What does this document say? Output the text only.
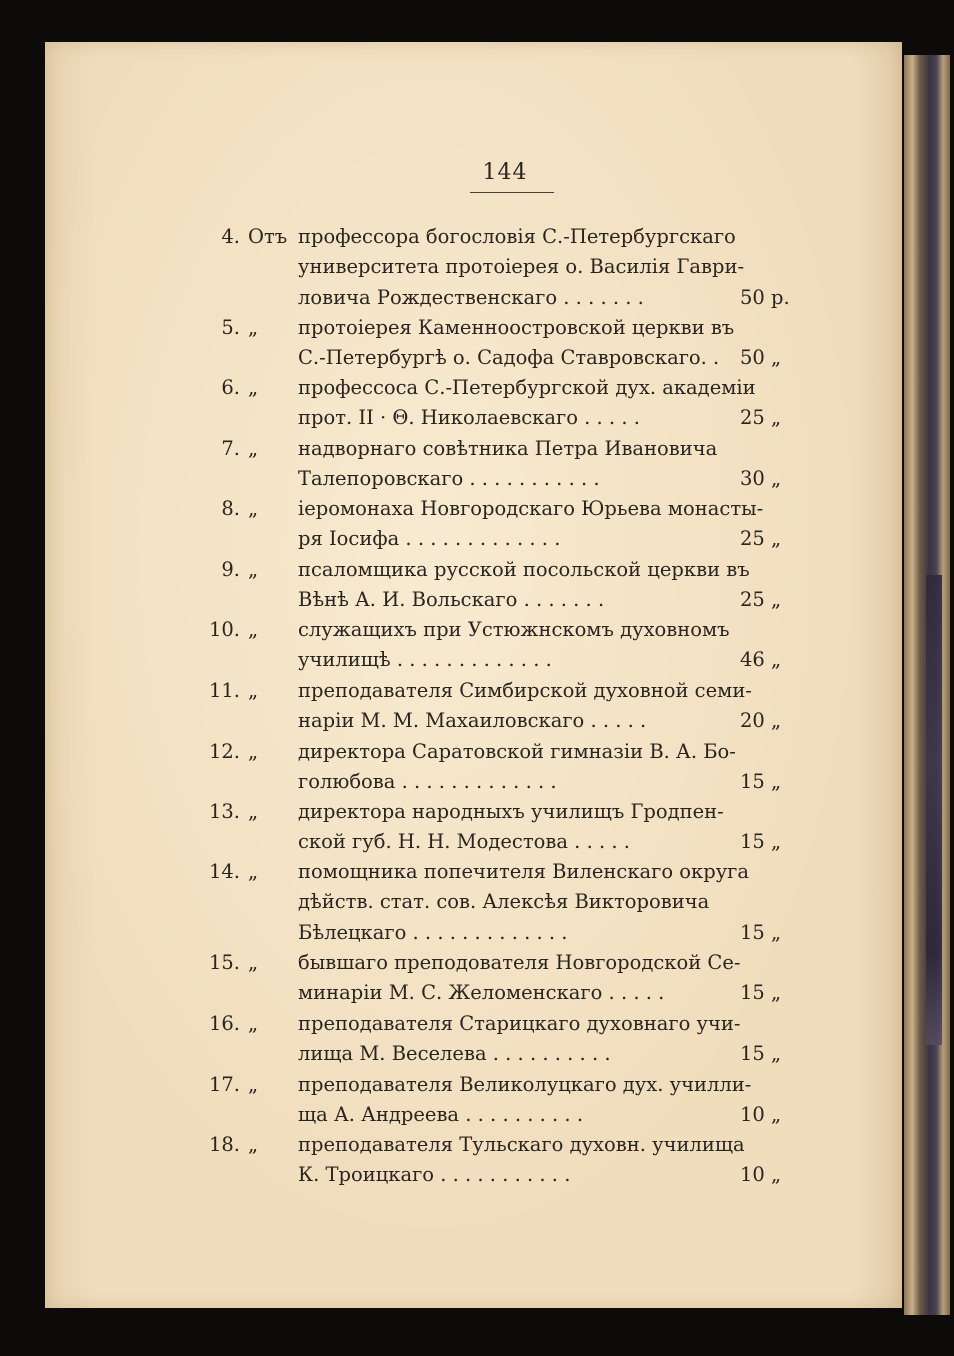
144
4. Отъ профессора богословія С.-Петербургскаго
университета протоіерея о. Василія Гаври-
ловича Рождественскаго . . . . . . .	50 р.
5. „	протоіерея Каменноостровской церкви въ
С.-Петербургѣ о. Садофа Ставровскаго. . 50 „
6. „	профессоса С.-Петербургской дух. академіи
прот. II · Θ. Николаевскаго . . . . .	25 „
7. „	надворнаго совѣтника Петра Ивановича
Талепоровскаго . . . . . . . . . . .	30 „
8. „	іеромонаха Новгородскаго Юрьева монасты-
ря Іосифа . . . . . . . . . . . . .	25 „
9. „	псаломщика русской посольской церкви въ
Вѣнѣ А. И. Вольскаго . . . . . . .	25 „
10. „	служащихъ при Устюжнскомъ духовномъ
училищѣ . . . . . . . . . . . . .	46 „
11. „	преподавателя Симбирской духовной семи-
наріи М. М. Махаиловскаго . . . . .	20 „
12. „	директора Саратовской гимназіи В. А. Бо-
голюбова . . . . . . . . . . . . .	15 „
13. „	директора народныхъ училищъ Гродпен-
ской губ. Н. Н. Модестова . . . . .	15 „
14. „	помощника попечителя Виленскаго округа
дѣйств. стат. сов. Алексѣя Викторовича
Бѣлецкаго . . . . . . . . . . . . .	15 „
15. „	бывшаго преподователя Новгородской Се-
минаріи М. С. Желоменскаго . . . . .	15 „
16. „	преподавателя Старицкаго духовнаго учи-
лища М. Веселева . . . . . . . . . .	15 „
17. „	преподавателя Великолуцкаго дух. училли-
ща А. Андреева . . . . . . . . . .	10 „
18. „	преподавателя Тульскаго духовн. училища
К. Троицкаго . . . . . . . . . . .	10 „
